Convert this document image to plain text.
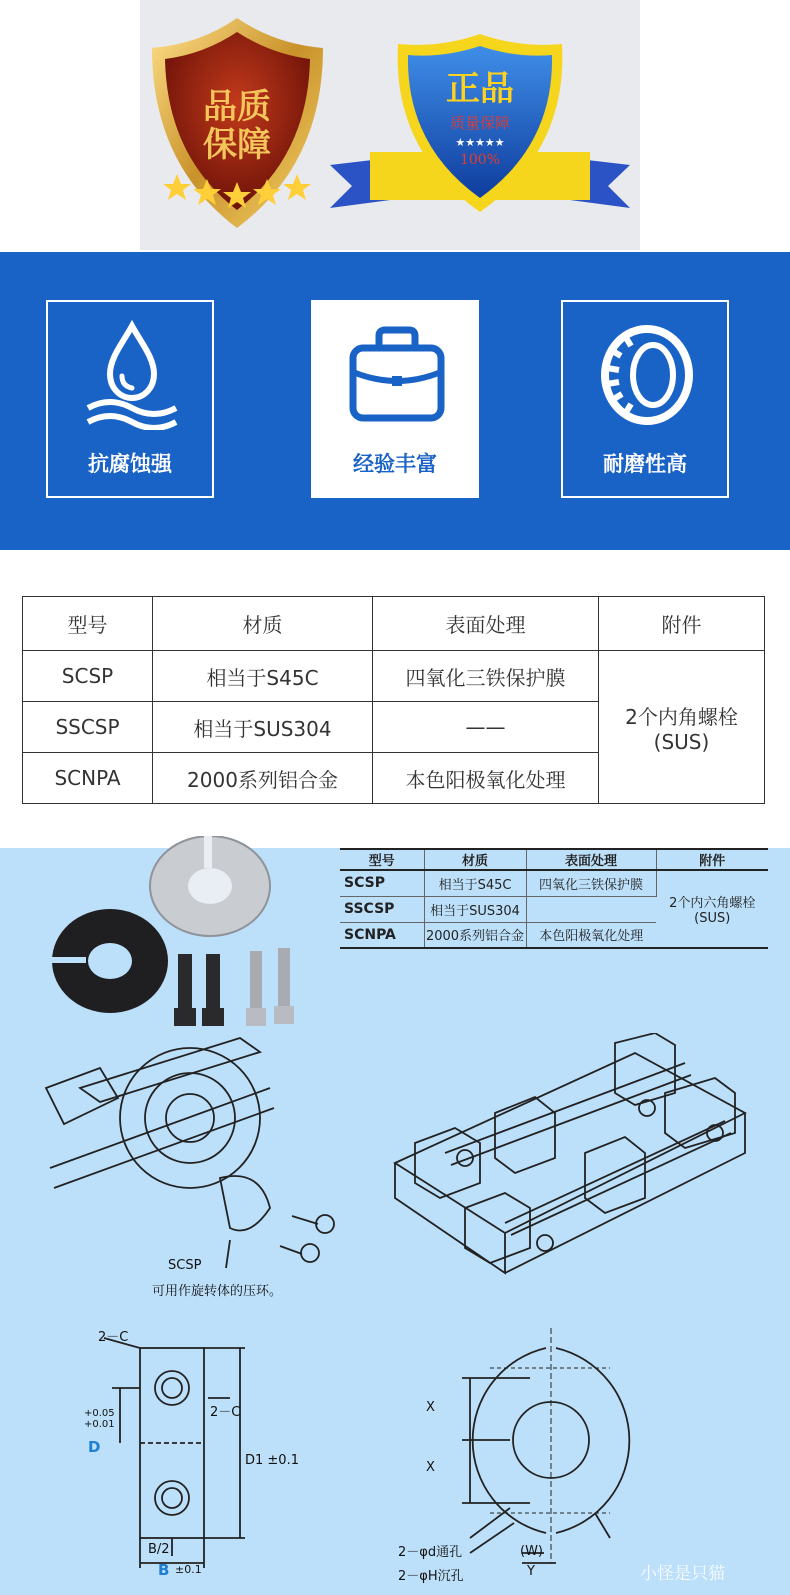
小怪是只猫
品质
保障
正品
质量保障
★★★★★
100%
抗腐蚀强	经验丰富	耐磨性高
型号	材质	表面处理	附件
SCSP	相当于S45C	四氧化三铁保护膜	2个内角螺栓
(SUS)

SSCSP	相当于SUS304	——	
SCNPA	2000系列铝合金	本色阳极氧化处理	
型号	材质	表面处理	附件
SCSP	相当于S45C	四氧化三铁保护膜	2个内六角螺栓
(SUS)

SSCSP	相当于SUS304		
SCNPA	2000系列铝合金	本色阳极氧化处理	
SCSP
可用作旋转体的压环。
2－C
2－C
D
+0.05 +0.01
D1 ±0.1
B/2
B ±0.1
X
X
2－φd通孔
2－φH沉孔
(W)
Y	小怪是只猫
